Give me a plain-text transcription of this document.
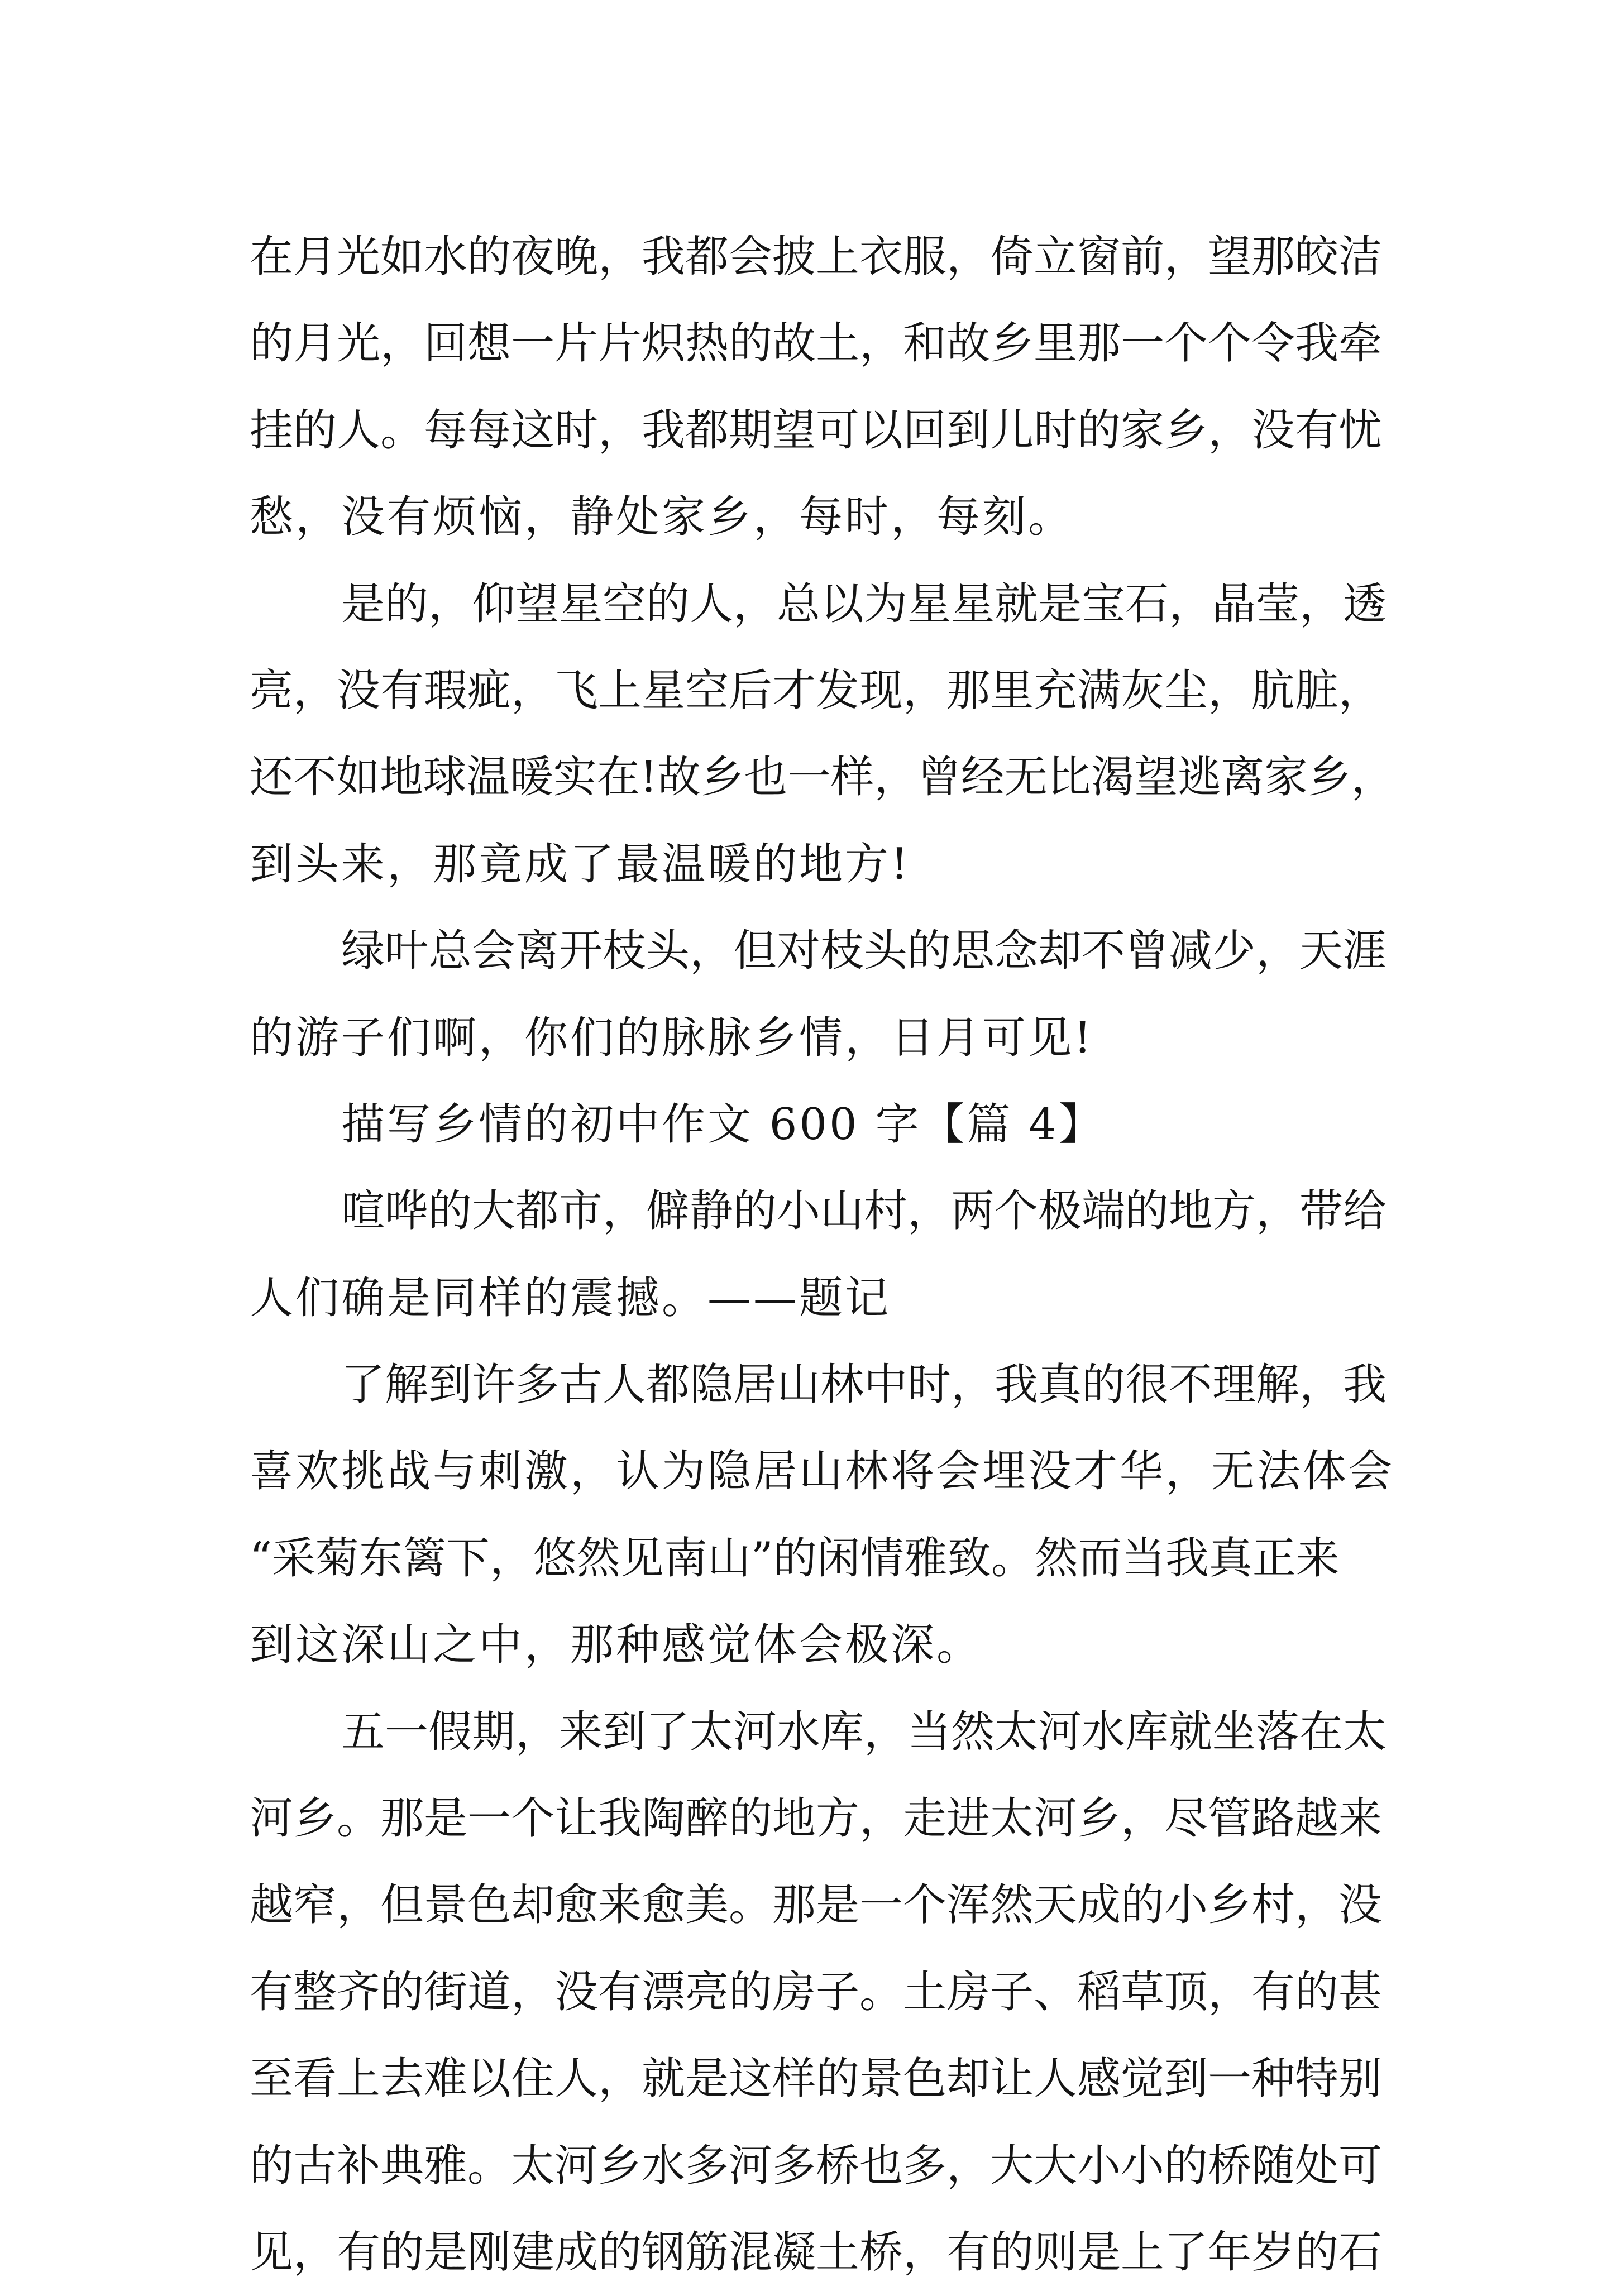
在月光如水的夜晚，我都会披上衣服，倚立窗前，望那皎洁
的月光，回想一片片炽热的故土，和故乡里那一个个令我牵
挂的人。每每这时，我都期望可以回到儿时的家乡，没有忧
愁，没有烦恼，静处家乡，每时，每刻。
是的，仰望星空的人，总以为星星就是宝石，晶莹，透
亮，没有瑕疵，飞上星空后才发现，那里充满灰尘，肮脏，
还不如地球温暖实在!故乡也一样，曾经无比渴望逃离家乡，
到头来，那竟成了最温暖的地方!
绿叶总会离开枝头，但对枝头的思念却不曾减少，天涯
的游子们啊，你们的脉脉乡情，日月可见!
描写乡情的初中作文 600 字【篇 4】
喧哗的大都市，僻静的小山村，两个极端的地方，带给
人们确是同样的震撼。——题记
了解到许多古人都隐居山林中时，我真的很不理解，我
喜欢挑战与刺激，认为隐居山林将会埋没才华，无法体会
“采菊东篱下，悠然见南山”的闲情雅致。然而当我真正来
到这深山之中，那种感觉体会极深。
五一假期，来到了太河水库，当然太河水库就坐落在太
河乡。那是一个让我陶醉的地方，走进太河乡，尽管路越来
越窄，但景色却愈来愈美。那是一个浑然天成的小乡村，没
有整齐的街道，没有漂亮的房子。土房子、稻草顶，有的甚
至看上去难以住人，就是这样的景色却让人感觉到一种特别
的古补典雅。太河乡水多河多桥也多，大大小小的桥随处可
见，有的是刚建成的钢筋混凝土桥，有的则是上了年岁的石
